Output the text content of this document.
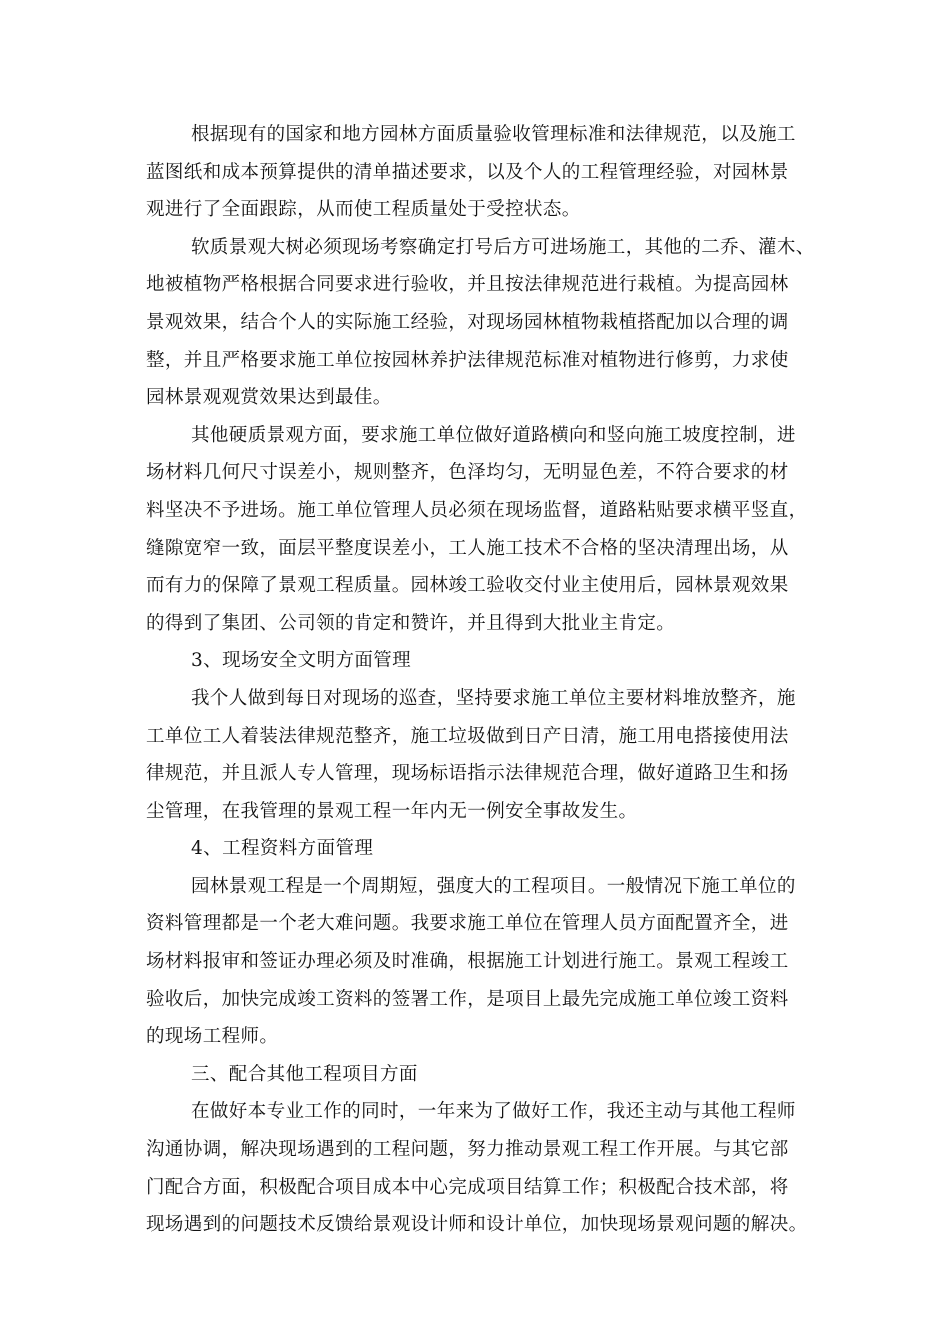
根据现有的国家和地方园林方面质量验收管理标准和法律规范，以及施工
蓝图纸和成本预算提供的清单描述要求，以及个人的工程管理经验，对园林景
观进行了全面跟踪，从而使工程质量处于受控状态。
软质景观大树必须现场考察确定打号后方可进场施工，其他的二乔、灌木、
地被植物严格根据合同要求进行验收，并且按法律规范进行栽植。为提高园林
景观效果，结合个人的实际施工经验，对现场园林植物栽植搭配加以合理的调
整，并且严格要求施工单位按园林养护法律规范标准对植物进行修剪，力求使
园林景观观赏效果达到最佳。
其他硬质景观方面，要求施工单位做好道路横向和竖向施工坡度控制，进
场材料几何尺寸误差小，规则整齐，色泽均匀，无明显色差，不符合要求的材
料坚决不予进场。施工单位管理人员必须在现场监督，道路粘贴要求横平竖直，
缝隙宽窄一致，面层平整度误差小，工人施工技术不合格的坚决清理出场，从
而有力的保障了景观工程质量。园林竣工验收交付业主使用后，园林景观效果
的得到了集团、公司领的肯定和赞许，并且得到大批业主肯定。
3、现场安全文明方面管理
我个人做到每日对现场的巡查，坚持要求施工单位主要材料堆放整齐，施
工单位工人着装法律规范整齐，施工垃圾做到日产日清，施工用电搭接使用法
律规范，并且派人专人管理，现场标语指示法律规范合理，做好道路卫生和扬
尘管理，在我管理的景观工程一年内无一例安全事故发生。
4、工程资料方面管理
园林景观工程是一个周期短，强度大的工程项目。一般情况下施工单位的
资料管理都是一个老大难问题。我要求施工单位在管理人员方面配置齐全，进
场材料报审和签证办理必须及时准确，根据施工计划进行施工。景观工程竣工
验收后，加快完成竣工资料的签署工作，是项目上最先完成施工单位竣工资料
的现场工程师。
三、配合其他工程项目方面
在做好本专业工作的同时，一年来为了做好工作，我还主动与其他工程师
沟通协调，解决现场遇到的工程问题，努力推动景观工程工作开展。与其它部
门配合方面，积极配合项目成本中心完成项目结算工作；积极配合技术部，将
现场遇到的问题技术反馈给景观设计师和设计单位，加快现场景观问题的解决。
